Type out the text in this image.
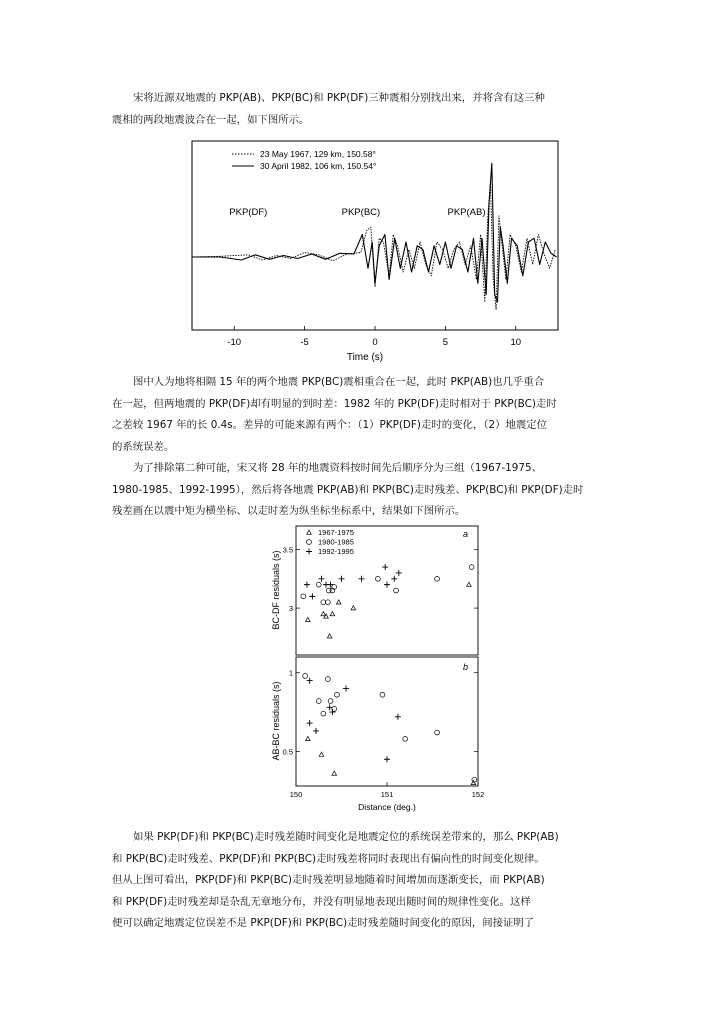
宋将近源双地震的 PKP(AB)、PKP(BC)和 PKP(DF)三种震相分别找出来，并将含有这三种
震相的两段地震波合在一起，如下图所示。
23 May 1967, 129 km, 150.58°
30 April 1982, 106 km, 150.54°
PKP(DF)	PKP(BC)	PKP(AB)
-10	-5	0	5	10
Time (s)
图中人为地将相隔 15 年的两个地震 PKP(BC)震相重合在一起，此时 PKP(AB)也几乎重合
在一起，但两地震的 PKP(DF)却有明显的到时差：1982 年的 PKP(DF)走时相对于 PKP(BC)走时
之差较 1967 年的长 0.4s。差异的可能来源有两个：（1）PKP(DF)走时的变化，（2）地震定位
的系统误差。
为了排除第二种可能，宋又将 28 年的地震资料按时间先后顺序分为三组（1967-1975、
1980-1985、1992-1995），然后将各地震 PKP(AB)和 PKP(BC)走时残差、PKP(BC)和 PKP(DF)走时
残差画在以震中矩为横坐标、以走时差为纵坐标坐标系中，结果如下图所示。
3
3.5
1967-1975
1980-1985
1992-1995
0.5
1
150	151	152
a
b
Distance (deg.)
BC-DF residuals (s)
AB-BC residuals (s)
如果 PKP(DF)和 PKP(BC)走时残差随时间变化是地震定位的系统误差带来的，那么 PKP(AB)
和 PKP(BC)走时残差、PKP(DF)和 PKP(BC)走时残差将同时表现出有偏向性的时间变化规律。
但从上图可看出，PKP(DF)和 PKP(BC)走时残差明显地随着时间增加而逐渐变长，而 PKP(AB)
和 PKP(DF)走时残差却是杂乱无章地分布，并没有明显地表现出随时间的规律性变化。这样
便可以确定地震定位误差不是 PKP(DF)和 PKP(BC)走时残差随时间变化的原因，间接证明了
